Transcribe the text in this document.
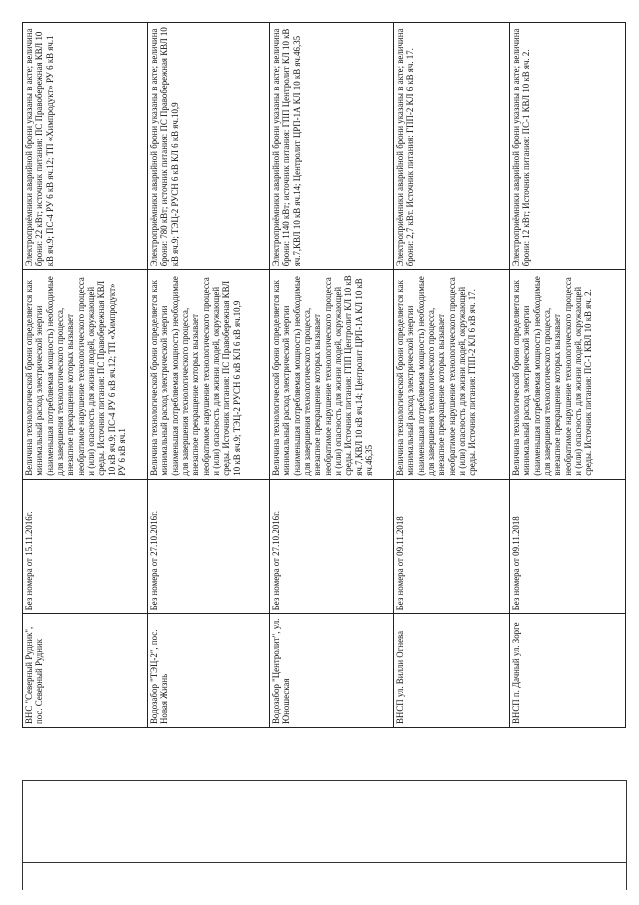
ВНС "Северный Рудник", пос. Северный Рудник
Без номера от 15.11.2016г.
Величина технологической брони определяется как минимальный расход электрической энергии (наименьшая потребляемая мощность) необходимые для завершения технологического процесса, внезапное прекращение которых вызывает необратимое нарушение технологического процесса и (или) опасность для жизни людей, окружающей среды. Источник питания: ПС Правобережная КВЛ 10 кВ яч.9; ПС-4 РУ 6 кВ яч.12; ТП «Химпродукт» РУ 6 кВ яч.1
Электроприёмники аварийной брони указаны в акте; величина брони: 22 кВт; источник питания: ПС Правобережная КВЛ 10 кВ яч.9; ПС-4 РУ 6 кВ яч.12; ТП «Химпродукт» РУ 6 кВ яч.1
Водозабор "ТЭЦ-2", пос. Новая Жизнь
Без номера от 27.10.2016г.
Величина технологической брони определяется как минимальный расход электрической энергии (наименьшая потребляемая мощность) необходимые для завершения технологического процесса, внезапное прекращение которых вызывает необратимое нарушение технологического процесса и (или) опасность для жизни людей, окружающей среды. Источник питания: ПС Правобережная КВЛ 10 кВ яч.9; ТЭЦ-2 РУСН 6 кВ КЛ 6 кВ яч.10,9
Электроприёмники аварийной брони указаны в акте; величина брони: 780 кВт; источник питания: ПС Правобережная КВЛ 10 кВ яч.9; ТЭЦ-2 РУСН 6 кВ КЛ 6 кВ яч.10,9
Водозабор "Центролит", ул. Юношеская
Без номера от 27.10.2016г.
Величина технологической брони определяется как минимальный расход электрической энергии (наименьшая потребляемая мощность) необходимые для завершения технологического процесса, внезапное прекращение которых вызывает необратимое нарушение технологического процесса и (или) опасность для жизни людей, окружающей среды. Источник питания: ГПП Центролит КЛ 10 кВ яч.7,КВЛ 10 кВ яч.14; Центролит ЦРП-1А КЛ 10 кВ яч.46,35
Электроприёмники аварийной брони указаны в акте; величина брони: 1140 кВт; источник питания: ГПП Центролит КЛ 10 кВ яч.7,КВЛ 10 кВ яч.14; Центролит ЦРП-1А КЛ 10 кВ яч.46,35
ВНСП ул. Вилли Огнева
Без номера от 09.11.2018
Величина технологической брони определяется как минимальный расход электрической энергии (наименьшая потребляемая мощность) необходимые для завершения технологического процесса, внезапное прекращение которых вызывает необратимое нарушение технологического процесса и (или) опасность для жизни людей, окружающей среды. Источник питания: ГПП-2 КЛ 6 кВ яч. 17.
Электроприёмники аварийной брони указаны в акте; величина брони: 2,7 кВт. Источник питания: ГПП-2 КЛ 6 кВ яч. 17.
ВНСП п. Дачный ул. Зорге
Без номера от 09.11.2018
Величина технологической брони определяется как минимальный расход электрической энергии (наименьшая потребляемая мощность) необходимые для завершения технологического процесса, внезапное прекращение которых вызывает необратимое нарушение технологического процесса и (или) опасность для жизни людей, окружающей среды. Источник питания: ПС-1 КВЛ 10 кВ яч. 2.
Электроприёмники аварийной брони указаны в акте; величина брони: 12 кВт; Источник питания: ПС-1 КВЛ 10 кВ яч. 2.
